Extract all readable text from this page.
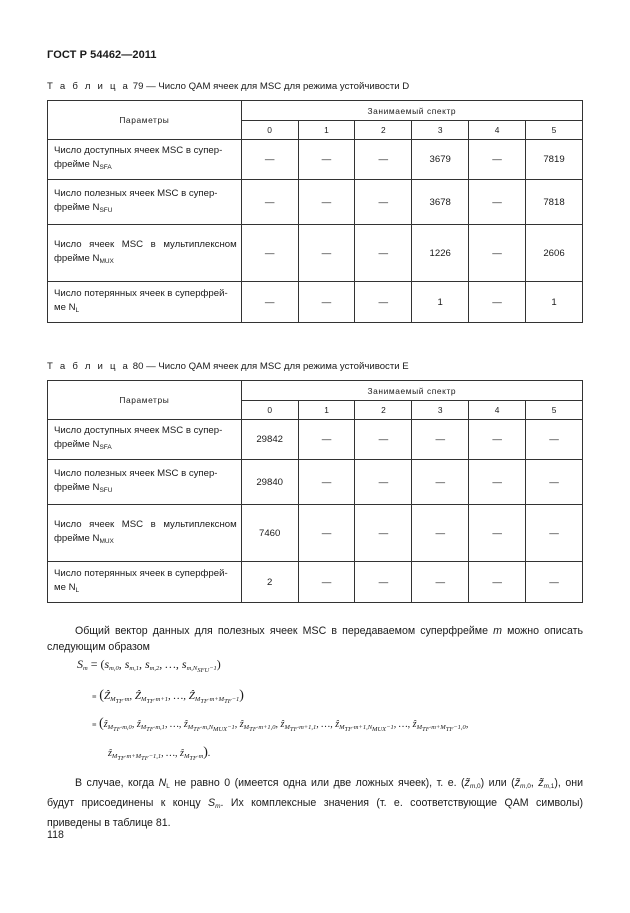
ГОСТ Р 54462—2011
Т а б л и ц а 79 — Число QAM ячеек для MSC для режима устойчивости D
Параметры	Занимаемый спектр					
	0	1	2	3	4	5
Число доступных ячеек MSC в супер-
фрейме $N_{SFA}$	—	—	—	3679	—	7819
Число полезных ячеек MSC в супер-
фрейме $N_{SFU}$	—	—	—	3678	—	7818
Число ячеек MSC в мультиплексном фрейме $N_{MUX}$	—	—	—	1226	—	2606
Число потерянных ячеек в суперфрей-
ме $N_L$	—	—	—	1	—	1
Т а б л и ц а 80 — Число QAM ячеек для MSC для режима устойчивости E
Параметры	Занимаемый спектр					
	0	1	2	3	4	5
Число доступных ячеек MSC в супер-
фрейме $N_{SFA}$	29842	—	—	—	—	—
Число полезных ячеек MSC в супер-
фрейме $N_{SFU}$	29840	—	—	—	—	—
Число ячеек MSC в мультиплексном фрейме $N_{MUX}$	7460	—	—	—	—	—
Число потерянных ячеек в суперфрей-
ме $N_L$	2	—	—	—	—	—
Общий вектор данных для полезных ячеек MSC в передаваемом суперфрейме m можно описать следующим образом
$S_m = (s_{m,0}$, $s_{m,1}$, $s_{m,2}$, …, $s_{m,N_{SFU}-1}$)
≡ (Ẑ$_{M_{TF}\cdot m}$, Ẑ$_{M_{TF}\cdot m+1}$, …, Ẑ$_{M_{TF}\cdot m+M_{TF}-1}$)
≡ (ẑ$_{M_{TF}\cdot m,0}$, ẑ$_{M_{TF}\cdot m,1}$, …, ẑ$_{M_{TF}\cdot m,N_{MUX}-1}$, ẑ$_{M_{TF}\cdot m+1,0}$, ẑ$_{M_{TF}\cdot m+1,1}$, …, ẑ$_{M_{TF}\cdot m+1,N_{MUX}-1}$, …, ẑ$_{M_{TF}\cdot m+M_{TF}-1,0}$,
ẑ$_{M_{TF}\cdot m+M_{TF}-1,1}$, …, ẑ$_{M_{TF}\cdot m}$).
В случае, когда $N_L$ не равно 0 (имеется одна или две ложных ячеек), т. е. $(z̃_{m,0})$ или ($z̃_{m,0}$, $z̃_{m,1}$), они будут присоединены к концу $S_m$. Их комплексные значения (т. е. соответствующие QAM символы) приведены в таблице 81.
118
